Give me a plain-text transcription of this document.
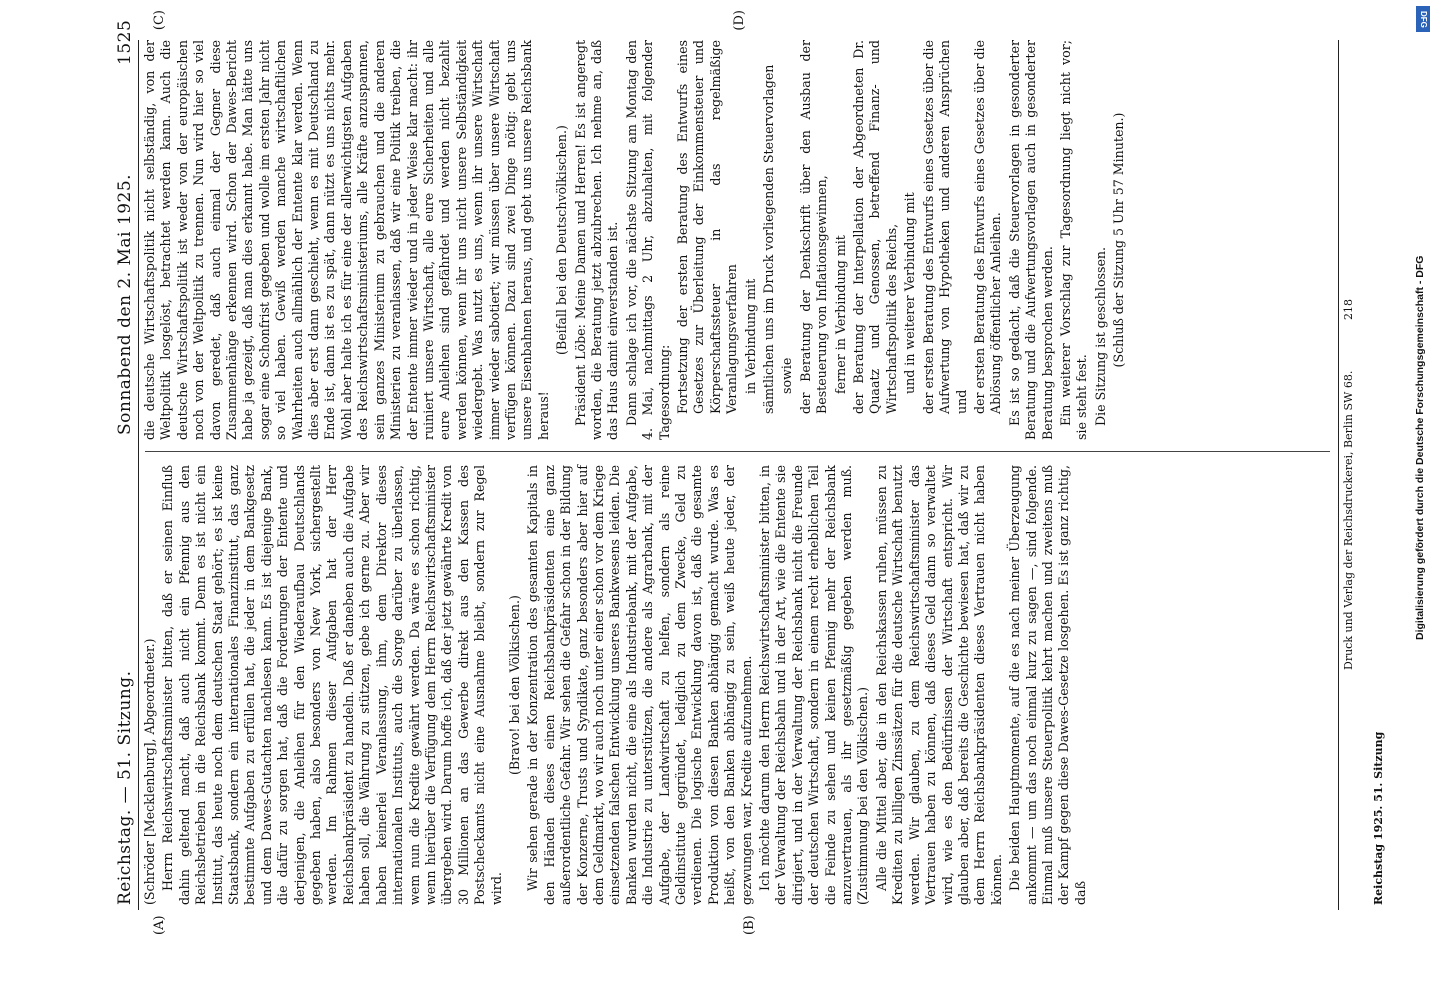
Reichstag. — 51. Sitzung.
Sonnabend den 2. Mai 1925.
1525
(A)	(B)

(Schröder [Mecklenburg], Abgeordneter.) Herrn Reichswirtschaftsminister bitten, daß er seinen Einfluß dahin geltend macht, daß auch nicht ein Pfennig aus den Reichsbetrieben in die Reichsbank kommt. Denn es ist nicht ein Institut, das heute noch dem deutschen Staat gehört; es ist keine Staatsbank, sondern ein internationales Finanzinstitut, das ganz bestimmte Aufgaben zu erfüllen hat, die jeder in dem Bankgesetz und dem Dawes-Gutachten nachlesen kann. Es ist diejenige Bank, die dafür zu sorgen hat, daß die Forderungen der Entente und derjenigen, die Anleihen für den Wiederaufbau Deutschlands gegeben haben, also besonders von New York, sichergestellt werden. Im Rahmen dieser Aufgaben hat der Herr Reichsbankpräsident zu handeln. Daß er daneben auch die Aufgabe haben soll, die Währung zu stützen, gebe ich gerne zu. Aber wir haben keinerlei Veranlassung, ihm, dem Direktor dieses internationalen Instituts, auch die Sorge darüber zu überlassen, wem nun die Kredite gewährt werden. Da wäre es schon richtig, wenn hierüber die Verfügung dem Herrn Reichswirtschaftsminister übergeben wird. Darum hoffe ich, daß der jetzt gewährte Kredit von 30 Millionen an das Gewerbe direkt aus den Kassen des Postscheckamts nicht eine Ausnahme bleibt, sondern zur Regel wird.

(Bravo! bei den Völkischen.) Wir sehen gerade in der Konzentration des gesamten Kapitals in den Händen dieses einen Reichsbankpräsidenten eine ganz außerordentliche Gefahr. Wir sehen die Gefahr schon in der Bildung der Konzerne, Trusts und Syndikate, ganz besonders aber hier auf dem Geldmarkt, wo wir auch noch unter einer schon vor dem Kriege einsetzenden falschen Entwicklung unseres Bankwesens leiden. Die Banken wurden nicht, die eine als Industriebank, mit der Aufgabe, die Industrie zu unterstützen, die andere als Agrarbank, mit der Aufgabe, der Landwirtschaft zu helfen, sondern als reine Geldinstitute gegründet, lediglich zu dem Zwecke, Geld zu verdienen. Die logische Entwicklung davon ist, daß die gesamte Produktion von diesen Banken abhängig gemacht wurde. Was es heißt, von den Banken abhängig zu sein, weiß heute jeder, der gezwungen war, Kredite aufzunehmen. Ich möchte darum den Herrn Reichswirtschaftsminister bitten, in der Verwaltung der Reichsbahn und in der Art, wie die Entente sie dirigiert, und in der Verwaltung der Reichsbank nicht die Freunde der deutschen Wirtschaft, sondern in einem recht erheblichen Teil die Feinde zu sehen und keinen Pfennig mehr der Reichsbank anzuvertrauen, als ihr gesetzmäßig gegeben werden muß. (Zustimmung bei den Völkischen.) Alle die Mittel aber, die in den Reichskassen ruhen, müssen zu Krediten zu billigen Zinssätzen für die deutsche Wirtschaft benutzt werden. Wir glauben, zu dem Reichswirtschaftsminister das Vertrauen haben zu können, daß dieses Geld dann so verwaltet wird, wie es den Bedürfnissen der Wirtschaft entspricht. Wir glauben aber, daß bereits die Geschichte bewiesen hat, daß wir zu dem Herrn Reichsbankpräsidenten dieses Vertrauen nicht haben können. Die beiden Hauptmomente, auf die es nach meiner Überzeugung ankommt — um das noch einmal kurz zu sagen —, sind folgende. Einmal muß unsere Steuerpolitik kehrt machen und zweitens muß der Kampf gegen diese Dawes-Gesetze losgehen. Es ist ganz richtig, daß

(C)	(D)

die deutsche Wirtschaftspolitik nicht selbständig, von der Weltpolitik losgelöst, betrachtet werden kann. Auch die deutsche Wirtschaftspolitik ist weder von der europäischen noch von der Weltpolitik zu trennen. Nun wird hier so viel davon geredet, daß auch einmal der Gegner diese Zusammenhänge erkennen wird. Schon der Dawes-Bericht habe ja gezeigt, daß man dies erkannt habe. Man hätte uns sogar eine Schonfrist gegeben und wolle im ersten Jahr nicht so viel haben. Gewiß werden manche wirtschaftlichen Wahrheiten auch allmählich der Entente klar werden. Wenn dies aber erst dann geschieht, wenn es mit Deutschland zu Ende ist, dann ist es zu spät, dann nützt es uns nichts mehr. Wohl aber halte ich es für eine der allerwichtigsten Aufgaben des Reichswirtschaftsministeriums, alle Kräfte anzuspannen, sein ganzes Ministerium zu gebrauchen und die anderen Ministerien zu veranlassen, daß wir eine Politik treiben, die der Entente immer wieder und in jeder Weise klar macht: ihr ruiniert unsere Wirtschaft, alle eure Sicherheiten und alle eure Anleihen sind gefährdet und werden nicht bezahlt werden können, wenn ihr uns nicht unsere Selbständigkeit wiedergebt. Was nutzt es uns, wenn ihr unsere Wirtschaft immer wieder sabotiert; wir müssen über unsere Wirtschaft verfügen können. Dazu sind zwei Dinge nötig: gebt uns unsere Eisenbahnen heraus, und gebt uns unsere Reichsbank heraus!

(Beifall bei den Deutschvölkischen.) Präsident Löbe: Meine Damen und Herren! Es ist angeregt worden, die Beratung jetzt abzubrechen. Ich nehme an, daß das Haus damit einverstanden ist. Dann schlage ich vor, die nächste Sitzung am Montag den 4. Mai, nachmittags 2 Uhr, abzuhalten, mit folgender Tagesordnung: Fortsetzung der ersten Beratung des Entwurfs eines Gesetzes zur Überleitung der Einkommensteuer und Körperschaftssteuer in das regelmäßige Veranlagungsverfahren in Verbindung mit sämtlichen uns im Druck vorliegenden Steuervorlagen sowie der Beratung der Denkschrift über den Ausbau der Besteuerung von Inflationsgewinnen, ferner in Verbindung mit der Beratung der Interpellation der Abgeordneten Dr. Quaatz und Genossen, betreffend Finanz- und Wirtschaftspolitik des Reichs, und in weiterer Verbindung mit der ersten Beratung des Entwurfs eines Gesetzes über die Aufwertung von Hypotheken und anderen Ansprüchen und der ersten Beratung des Entwurfs eines Gesetzes über die Ablösung öffentlicher Anleihen. Es ist so gedacht, daß die Steuervorlagen in gesonderter Beratung und die Aufwertungsvorlagen auch in gesonderter Beratung besprochen werden. Ein weiterer Vorschlag zur Tagesordnung liegt nicht vor; sie steht fest. Die Sitzung ist geschlossen. (Schluß der Sitzung 5 Uhr 57 Minuten.)

Druck und Verlag der Reichsdruckerei, Berlin SW 68.
218
Reichstag 1925. 51. Sitzung
DFG
Digitalisierung gefördert durch die Deutsche Forschungsgemeinschaft - DFG
